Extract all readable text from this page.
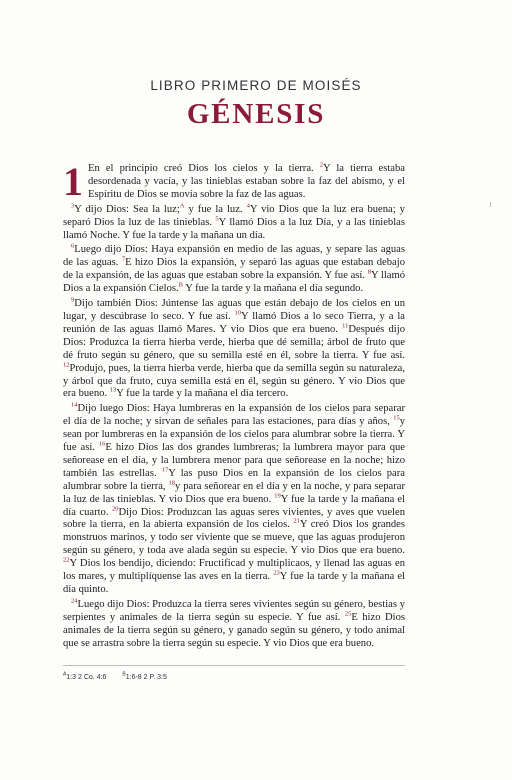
LIBRO PRIMERO DE MOISÉS
GÉNESIS

1 En el principio creó Dios los cielos y la tierra. $^2$Y la tierra estaba desordenada y vacía, y las tinieblas estaban sobre la faz del abismo, y el Espíritu de Dios se movía sobre la faz de las aguas.

$^3$Y dijo Dios: Sea la luz;$^A$ y fue la luz. $^4$Y vio Dios que la luz era buena; y separó Dios la luz de las tinieblas. $^5$Y llamó Dios a la luz Día, y a las tinieblas llamó Noche. Y fue la tarde y la mañana un día.

$^6$Luego dijo Dios: Haya expansión en medio de las aguas, y separe las aguas de las aguas. $^7$E hizo Dios la expansión, y separó las aguas que estaban debajo de la expansión, de las aguas que estaban sobre la expansión. Y fue así. $^8$Y llamó Dios a la expansión Cielos.$^B$ Y fue la tarde y la mañana el día segundo.

$^9$Dijo también Dios: Júntense las aguas que están debajo de los cielos en un lugar, y descúbrase lo seco. Y fue así. $^{10}$Y llamó Dios a lo seco Tierra, y a la reunión de las aguas llamó Mares. Y vio Dios que era bueno. $^{11}$Después dijo Dios: Produzca la tierra hierba verde, hierba que dé semilla; árbol de fruto que dé fruto según su género, que su semilla esté en él, sobre la tierra. Y fue así. $^{12}$Produjo, pues, la tierra hierba verde, hierba que da semilla según su naturaleza, y árbol que da fruto, cuya semilla está en él, según su género. Y vio Dios que era bueno. $^{13}$Y fue la tarde y la mañana el día tercero.

$^{14}$Dijo luego Dios: Haya lumbreras en la expansión de los cielos para separar el día de la noche; y sirvan de señales para las estaciones, para días y años, $^{15}$y sean por lumbreras en la expansión de los cielos para alumbrar sobre la tierra. Y fue así. $^{16}$E hizo Dios las dos grandes lumbreras; la lumbrera mayor para que señorease en el día, y la lumbrera menor para que señorease en la noche; hizo también las estrellas. $^{17}$Y las puso Dios en la expansión de los cielos para alumbrar sobre la tierra, $^{18}$y para señorear en el día y en la noche, y para separar la luz de las tinieblas. Y vio Dios que era bueno. $^{19}$Y fue la tarde y la mañana el día cuarto. $^{20}$Dijo Dios: Produzcan las aguas seres vivientes, y aves que vuelen sobre la tierra, en la abierta expansión de los cielos. $^{21}$Y creó Dios los grandes monstruos marinos, y todo ser viviente que se mueve, que las aguas produjeron según su género, y toda ave alada según su especie. Y vio Dios que era bueno. $^{22}$Y Dios los bendijo, diciendo: Fructificad y multiplicaos, y llenad las aguas en los mares, y multiplíquense las aves en la tierra. $^{23}$Y fue la tarde y la mañana el día quinto.

$^{24}$Luego dijo Dios: Produzca la tierra seres vivientes según su género, bestias y serpientes y animales de la tierra según su especie. Y fue así. $^{25}$E hizo Dios animales de la tierra según su género, y ganado según su género, y todo animal que se arrastra sobre la tierra según su especie. Y vio Dios que era bueno.

$^A$1:3 2 Co. 4:6	$^B$1:6-8 2 P. 3:5
